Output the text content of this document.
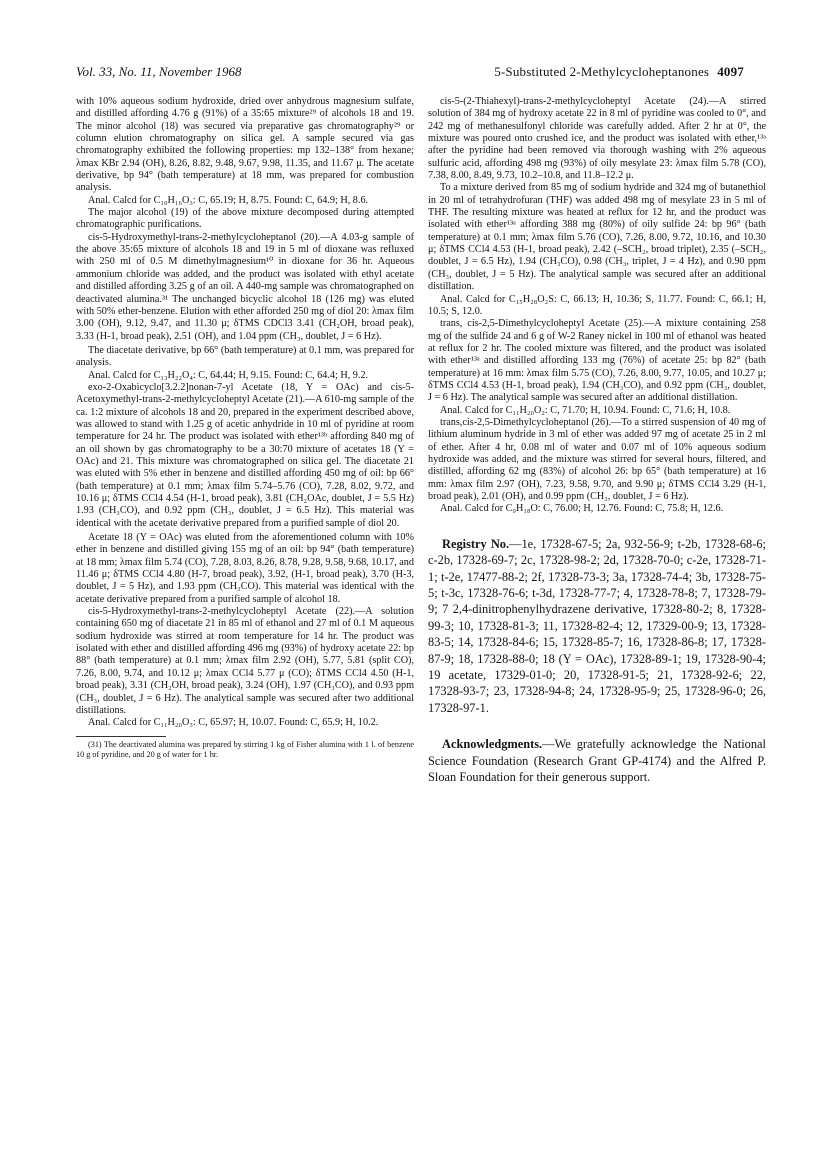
Vol. 33, No. 11, November 1968	5-Substituted 2-Methylcycloheptanones 4097

with 10% aqueous sodium hydroxide, dried over anhydrous magnesium sulfate, and distilled affording 4.76 g (91%) of a 35:65 mixture²⁹ of alcohols 18 and 19. The minor alcohol (18) was secured via preparative gas chromatography²⁹ or column elution chromatography on silica gel. A sample secured via gas chromatography exhibited the following properties: mp 132–138° from hexane; λmax KBr 2.94 (OH), 8.26, 8.82, 9.48, 9.67, 9.98, 11.35, and 11.67 μ. The acetate derivative, bp 94° (bath temperature) at 18 mm, was prepared for combustion analysis.

Anal. Calcd for C₁₀H₁₆O₃: C, 65.19; H, 8.75. Found: C, 64.9; H, 8.6.

The major alcohol (19) of the above mixture decomposed during attempted chromatographic purifications.

cis-5-Hydroxymethyl-trans-2-methylcycloheptanol (20).—A 4.03-g sample of the above 35:65 mixture of alcohols 18 and 19 in 5 ml of dioxane was refluxed with 250 ml of 0.5 M dimethylmagnesium¹⁰ in dioxane for 36 hr. Aqueous ammonium chloride was added, and the product was isolated with ethyl acetate and distilled affording 3.25 g of an oil. A 440-mg sample was chromatographed on deactivated alumina.³¹ The unchanged bicyclic alcohol 18 (126 mg) was eluted with 50% ether-benzene. Elution with ether afforded 250 mg of diol 20: λmax film 3.00 (OH), 9.12, 9.47, and 11.30 μ; δTMS CDCl3 3.41 (CH₂OH, broad peak), 3.33 (H-1, broad peak), 2.51 (OH), and 1.04 ppm (CH₃, doublet, J = 6 Hz).

The diacetate derivative, bp 66° (bath temperature) at 0.1 mm, was prepared for analysis.

Anal. Calcd for C₁₃H₂₂O₄: C, 64.44; H, 9.15. Found: C, 64.4; H, 9.2.

exo-2-Oxabicyclo[3.2.2]nonan-7-yl Acetate (18, Y = OAc) and cis-5-Acetoxymethyl-trans-2-methylcycloheptyl Acetate (21).—A 610-mg sample of the ca. 1:2 mixture of alcohols 18 and 20, prepared in the experiment described above, was allowed to stand with 1.25 g of acetic anhydride in 10 ml of pyridine at room temperature for 24 hr. The product was isolated with ether¹³ᵇ affording 840 mg of an oil shown by gas chromatography to be a 30:70 mixture of acetates 18 (Y = OAc) and 21. This mixture was chromatographed on silica gel. The diacetate 21 was eluted with 5% ether in benzene and distilled affording 450 mg of oil: bp 66° (bath temperature) at 0.1 mm; λmax film 5.74–5.76 (CO), 7.28, 8.02, 9.72, and 10.16 μ; δTMS CCl4 4.54 (H-1, broad peak), 3.81 (CH₂OAc, doublet, J = 5.5 Hz) 1.93 (CH₃CO), and 0.92 ppm (CH₃, doublet, J = 6.5 Hz). This material was identical with the acetate derivative prepared from a purified sample of diol 20.

Acetate 18 (Y = OAc) was eluted from the aforementioned column with 10% ether in benzene and distilled giving 155 mg of an oil: bp 94° (bath temperature) at 18 mm; λmax film 5.74 (CO), 7.28, 8.03, 8.26, 8.78, 9.28, 9.58, 9.68, 10.17, and 11.46 μ; δTMS CCl4 4.80 (H-7, broad peak), 3.92, (H-1, broad peak), 3.70 (H-3, doublet, J = 5 Hz), and 1.93 ppm (CH₃CO). This material was identical with the acetate derivative prepared from a purified sample of alcohol 18.

cis-5-Hydroxymethyl-trans-2-methylcycloheptyl Acetate (22).—A solution containing 650 mg of diacetate 21 in 85 ml of ethanol and 27 ml of 0.1 M aqueous sodium hydroxide was stirred at room temperature for 14 hr. The product was isolated with ether and distilled affording 496 mg (93%) of hydroxy acetate 22: bp 88° (bath temperature) at 0.1 mm; λmax film 2.92 (OH), 5.77, 5.81 (split CO), 7.26, 8.00, 9.74, and 10.12 μ; λmax CCl4 5.77 μ (CO); δTMS CCl4 4.50 (H-1, broad peak), 3.31 (CH₂OH, broad peak), 3.24 (OH), 1.97 (CH₃CO), and 0.93 ppm (CH₃, doublet, J = 6 Hz). The analytical sample was secured after two additional distillations.

Anal. Calcd for C₁₁H₂₀O₃: C, 65.97; H, 10.07. Found: C, 65.9; H, 10.2.

(31) The deactivated alumina was prepared by stirring 1 kg of Fisher alumina with 1 l. of benzene 10 g of pyridine, and 20 g of water for 1 hr.

cis-5-(2-Thiahexyl)-trans-2-methylcycloheptyl Acetate (24).—A stirred solution of 384 mg of hydroxy acetate 22 in 8 ml of pyridine was cooled to 0°, and 242 mg of methanesulfonyl chloride was carefully added. After 2 hr at 0°, the mixture was poured onto crushed ice, and the product was isolated with ether,¹³ᵃ after the pyridine had been removed via thorough washing with 2% aqueous sulfuric acid, affording 498 mg (93%) of oily mesylate 23: λmax film 5.78 (CO), 7.38, 8.00, 8.49, 9.73, 10.2–10.8, and 11.8–12.2 μ.

To a mixture derived from 85 mg of sodium hydride and 324 mg of butanethiol in 20 ml of tetrahydrofuran (THF) was added 498 mg of mesylate 23 in 5 ml of THF. The resulting mixture was heated at reflux for 12 hr, and the product was isolated with ether¹³ᵃ affording 388 mg (80%) of oily sulfide 24: bp 96° (bath temperature) at 0.1 mm; λmax film 5.76 (CO), 7.26, 8.00, 9.72, 10.16, and 10.30 μ; δTMS CCl4 4.53 (H-1, broad peak), 2.42 (–SCH₂, broad triplet), 2.35 (–SCH₂, doublet, J = 6.5 Hz), 1.94 (CH₃CO), 0.98 (CH₃, triplet, J = 4 Hz), and 0.90 ppm (CH₃, doublet, J = 5 Hz). The analytical sample was secured after an additional distillation.

Anal. Calcd for C₁₅H₂₈O₂S: C, 66.13; H, 10.36; S, 11.77. Found: C, 66.1; H, 10.5; S, 12.0.

trans, cis-2,5-Dimethylcycloheptyl Acetate (25).—A mixture containing 258 mg of the sulfide 24 and 6 g of W-2 Raney nickel in 100 ml of ethanol was heated at reflux for 2 hr. The cooled mixture was filtered, and the product was isolated with ether¹³ᵃ and distilled affording 133 mg (76%) of acetate 25: bp 82° (bath temperature) at 16 mm: λmax film 5.75 (CO), 7.26, 8.00, 9.77, 10.05, and 10.27 μ; δTMS CCl4 4.53 (H-1, broad peak), 1.94 (CH₃CO), and 0.92 ppm (CH₃, doublet, J = 6 Hz). The analytical sample was secured after an additional distillation.

Anal. Calcd for C₁₁H₂₀O₂: C, 71.70; H, 10.94. Found: C, 71.6; H, 10.8.

trans,cis-2,5-Dimethylcycloheptanol (26).—To a stirred suspension of 40 mg of lithium aluminum hydride in 3 ml of ether was added 97 mg of acetate 25 in 2 ml of ether. After 4 hr, 0.08 ml of water and 0.07 ml of 10% aqueous sodium hydroxide was added, and the mixture was stirred for several hours, filtered, and distilled, affording 62 mg (83%) of alcohol 26: bp 65° (bath temperature) at 16 mm: λmax film 2.97 (OH), 7.23, 9.58, 9.70, and 9.90 μ; δTMS CCl4 3.29 (H-1, broad peak), 2.01 (OH), and 0.99 ppm (CH₃, doublet, J = 6 Hz).

Anal. Calcd for C₉H₁₈O: C, 76.00; H, 12.76. Found: C, 75.8; H, 12.6.

Registry No.—1e, 17328-67-5; 2a, 932-56-9; t-2b, 17328-68-6; c-2b, 17328-69-7; 2c, 17328-98-2; 2d, 17328-70-0; c-2e, 17328-71-1; t-2e, 17477-88-2; 2f, 17328-73-3; 3a, 17328-74-4; 3b, 17328-75-5; t-3c, 17328-76-6; t-3d, 17328-77-7; 4, 17328-78-8; 7, 17328-79-9; 7 2,4-dinitrophenylhydrazene derivative, 17328-80-2; 8, 17328-99-3; 10, 17328-81-3; 11, 17328-82-4; 12, 17329-00-9; 13, 17328-83-5; 14, 17328-84-6; 15, 17328-85-7; 16, 17328-86-8; 17, 17328-87-9; 18, 17328-88-0; 18 (Y = OAc), 17328-89-1; 19, 17328-90-4; 19 acetate, 17329-01-0; 20, 17328-91-5; 21, 17328-92-6; 22, 17328-93-7; 23, 17328-94-8; 24, 17328-95-9; 25, 17328-96-0; 26, 17328-97-1.

Acknowledgments.—We gratefully acknowledge the National Science Foundation (Research Grant GP-4174) and the Alfred P. Sloan Foundation for their generous support.
